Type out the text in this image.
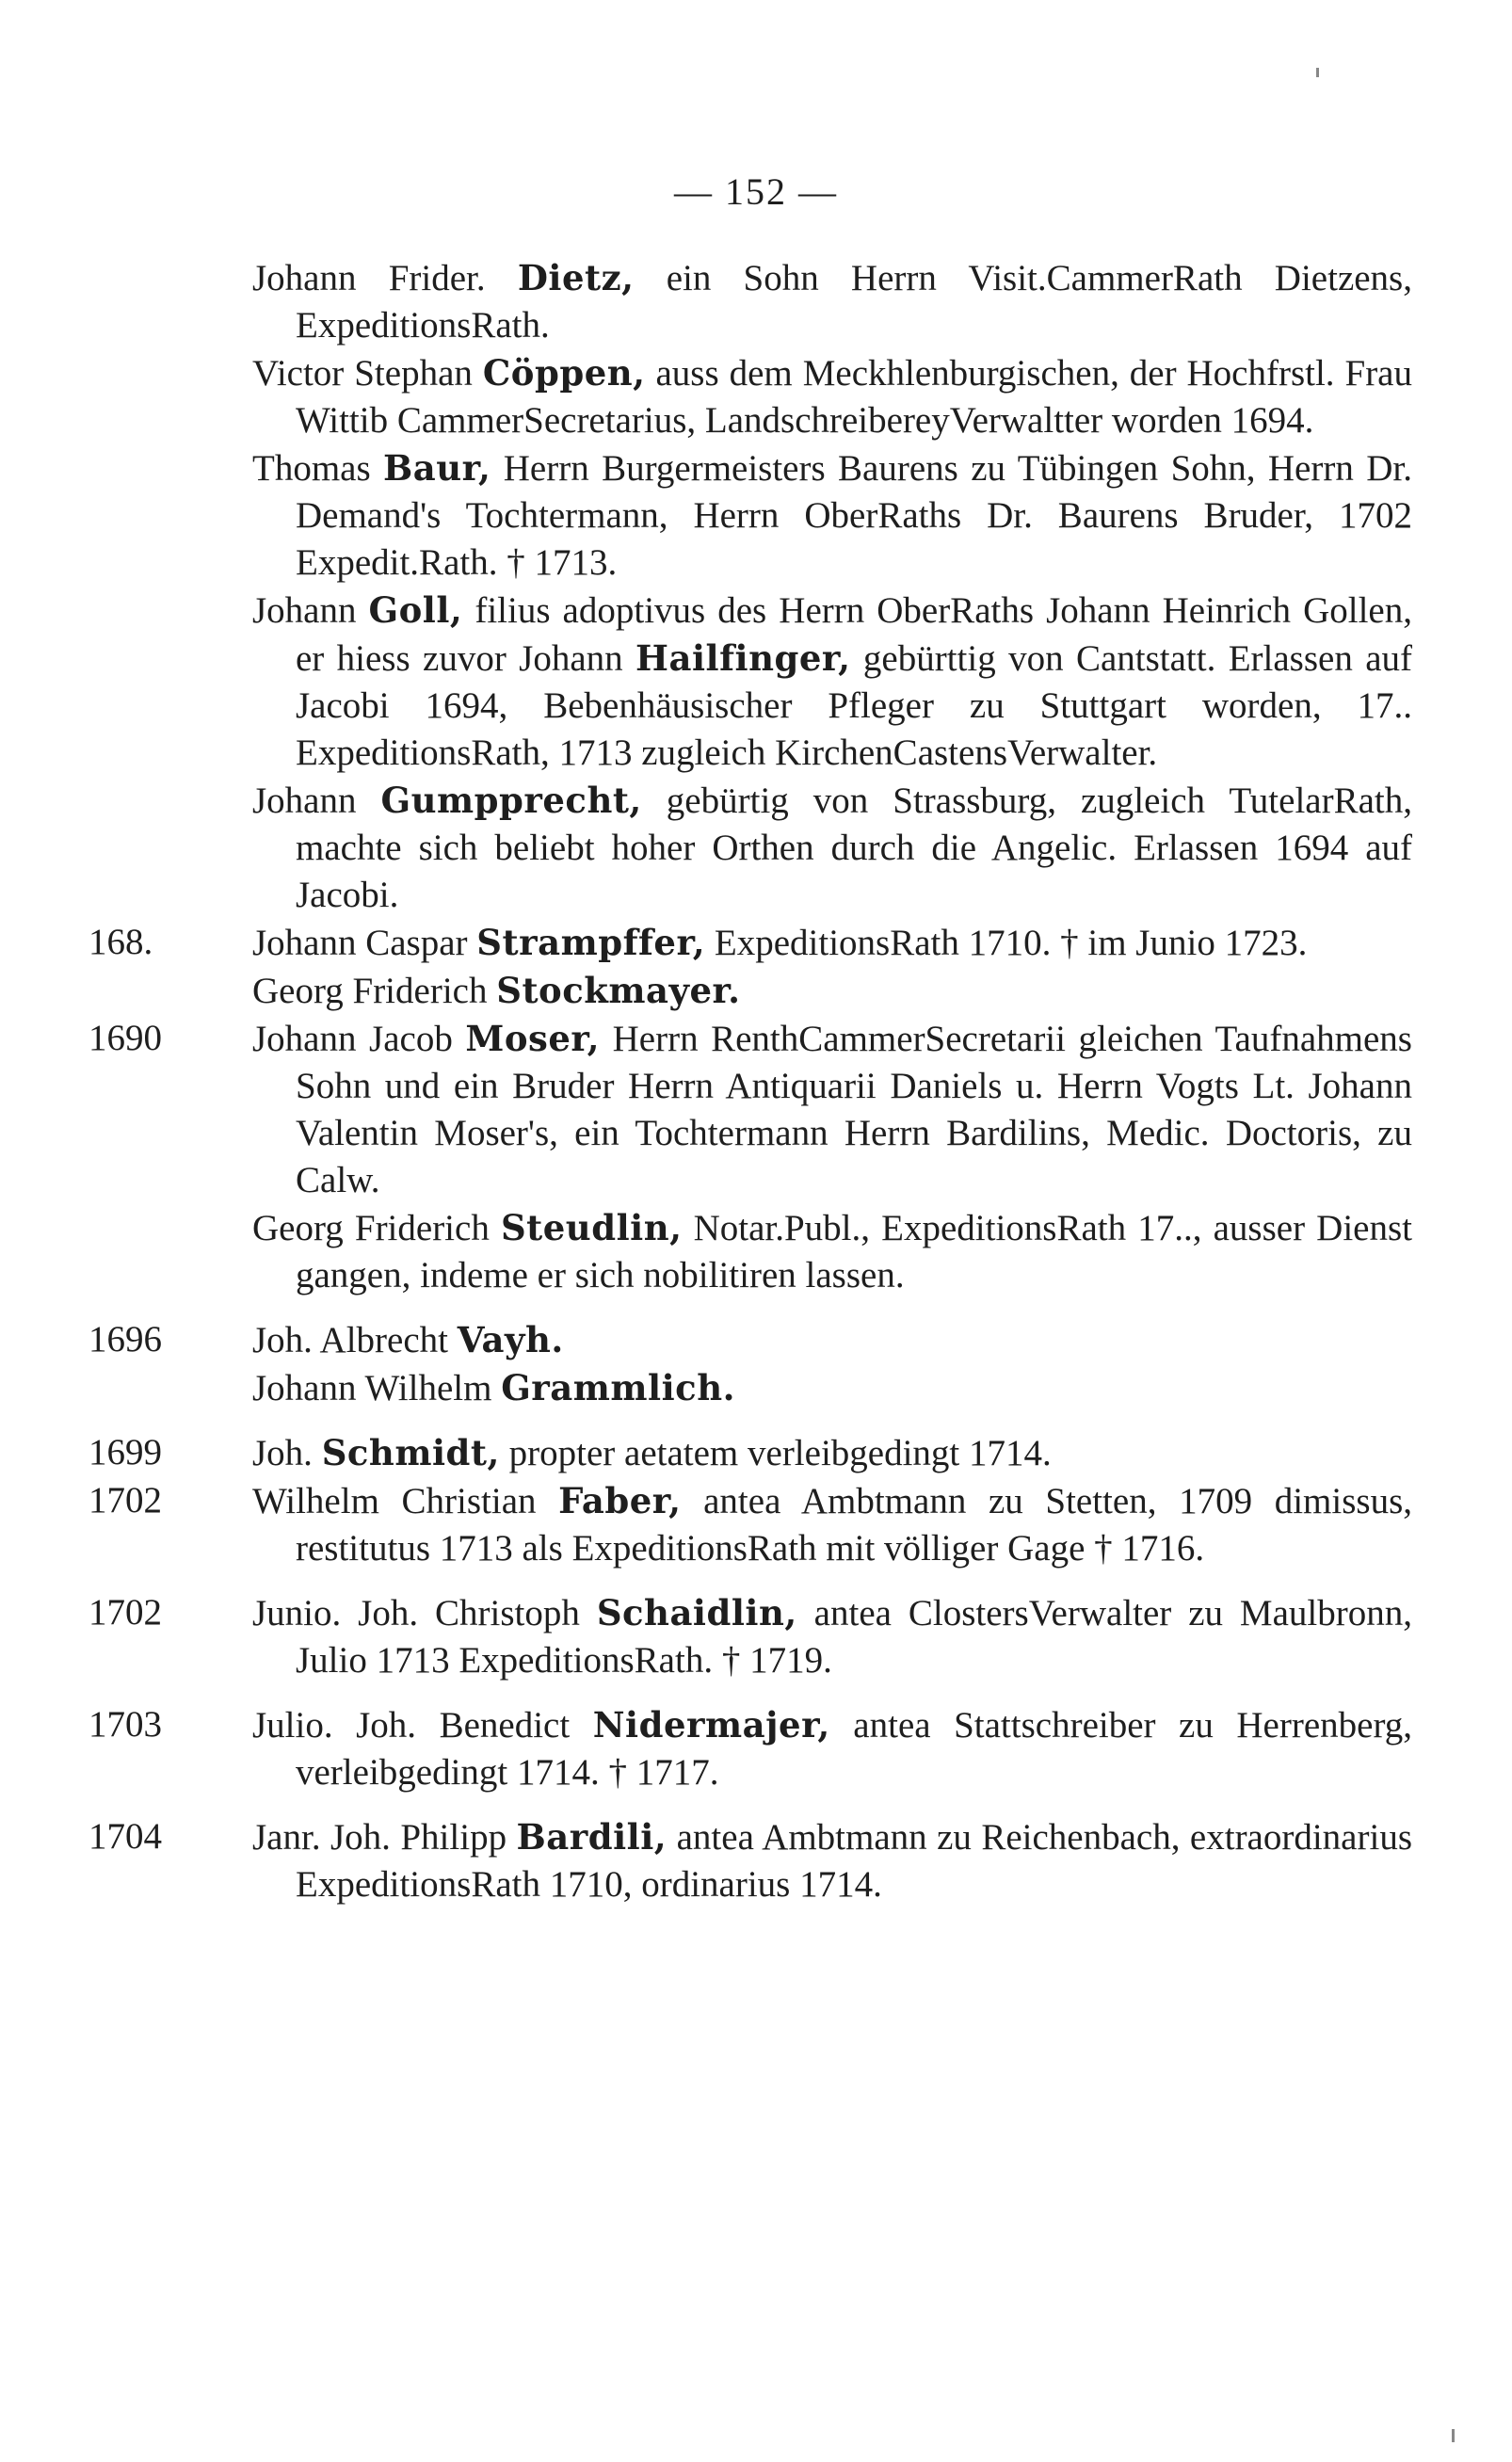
— 152 —

Johann Frider. Dietz, ein Sohn Herrn Visit.CammerRath Dietzens, ExpeditionsRath.

Victor Stephan Cöppen, auss dem Meckhlenburgischen, der Hochfrstl. Frau Wittib CammerSecretarius, LandschreibereyVerwaltter worden 1694.

Thomas Baur, Herrn Burgermeisters Baurens zu Tübingen Sohn, Herrn Dr. Demand's Tochtermann, Herrn OberRaths Dr. Baurens Bruder, 1702 Expedit.Rath. † 1713.

Johann Goll, filius adoptivus des Herrn OberRaths Johann Heinrich Gollen, er hiess zuvor Johann Hailfinger, gebürttig von Cantstatt. Erlassen auf Jacobi 1694, Bebenhäusischer Pfleger zu Stuttgart worden, 17.. ExpeditionsRath, 1713 zugleich KirchenCastensVerwalter.

Johann Gumpprecht, gebürtig von Strassburg, zugleich TutelarRath, machte sich beliebt hoher Orthen durch die Angelic. Erlassen 1694 auf Jacobi.

168.	Johann Caspar Strampffer, ExpeditionsRath 1710. † im Junio 1723.

Georg Friderich Stockmayer.

1690	Johann Jacob Moser, Herrn RenthCammerSecretarii gleichen Taufnahmens Sohn und ein Bruder Herrn Antiquarii Daniels u. Herrn Vogts Lt. Johann Valentin Moser's, ein Tochtermann Herrn Bardilins, Medic. Doctoris, zu Calw.

Georg Friderich Steudlin, Notar.Publ., ExpeditionsRath 17.., ausser Dienst gangen, indeme er sich nobilitiren lassen.

1696	Joh. Albrecht Vayh.

Johann Wilhelm Grammlich.

1699	Joh. Schmidt, propter aetatem verleibgedingt 1714.

1702	Wilhelm Christian Faber, antea Ambtmann zu Stetten, 1709 dimissus, restitutus 1713 als ExpeditionsRath mit völliger Gage † 1716.

1702	Junio. Joh. Christoph Schaidlin, antea ClostersVerwalter zu Maulbronn, Julio 1713 ExpeditionsRath. † 1719.

1703	Julio. Joh. Benedict Nidermajer, antea Stattschreiber zu Herrenberg, verleibgedingt 1714. † 1717.

1704	Janr. Joh. Philipp Bardili, antea Ambtmann zu Reichenbach, extraordinarius ExpeditionsRath 1710, ordinarius 1714.
